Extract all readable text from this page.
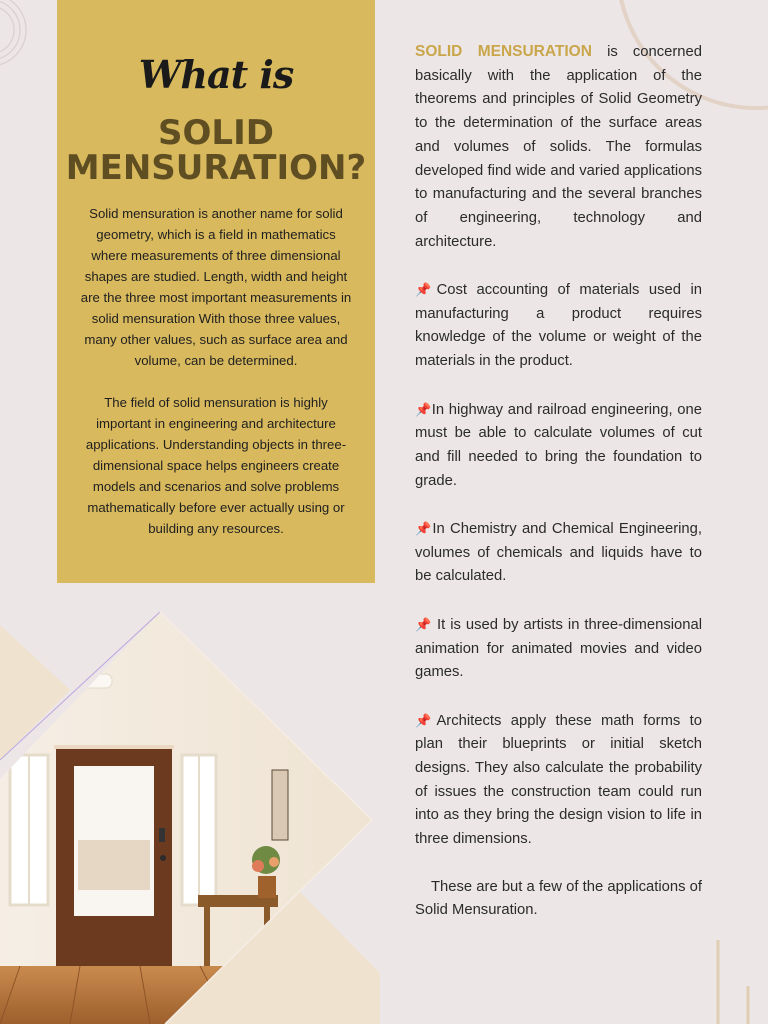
What is
SOLID
MENSURATION?

Solid mensuration is another name for solid geometry, which is a field in mathematics where measurements of three dimensional shapes are studied. Length, width and height are the three most important measurements in solid mensuration With those three values, many other values, such as surface area and volume, can be determined.

The field of solid mensuration is highly important in engineering and architecture applications. Understanding objects in three-dimensional space helps engineers create models and scenarios and solve problems mathematically before ever actually using or building any resources.

SOLID MENSURATION is concerned basically with the application of the theorems and principles of Solid Geometry to the determination of the surface areas and volumes of solids. The formulas developed find wide and varied applications to manufacturing and the several branches of engineering, technology and architecture.

📌Cost accounting of materials used in manufacturing a product requires knowledge of the volume or weight of the materials in the product.

📌In highway and railroad engineering, one must be able to calculate volumes of cut and fill needed to bring the foundation to grade.

📌In Chemistry and Chemical Engineering, volumes of chemicals and liquids have to be calculated.

📌 It is used by artists in three-dimensional animation for animated movies and video games.

📌Architects apply these math forms to plan their blueprints or initial sketch designs. They also calculate the probability of issues the construction team could run into as they bring the design vision to life in three dimensions.

These are but a few of the applications of Solid Mensuration.
